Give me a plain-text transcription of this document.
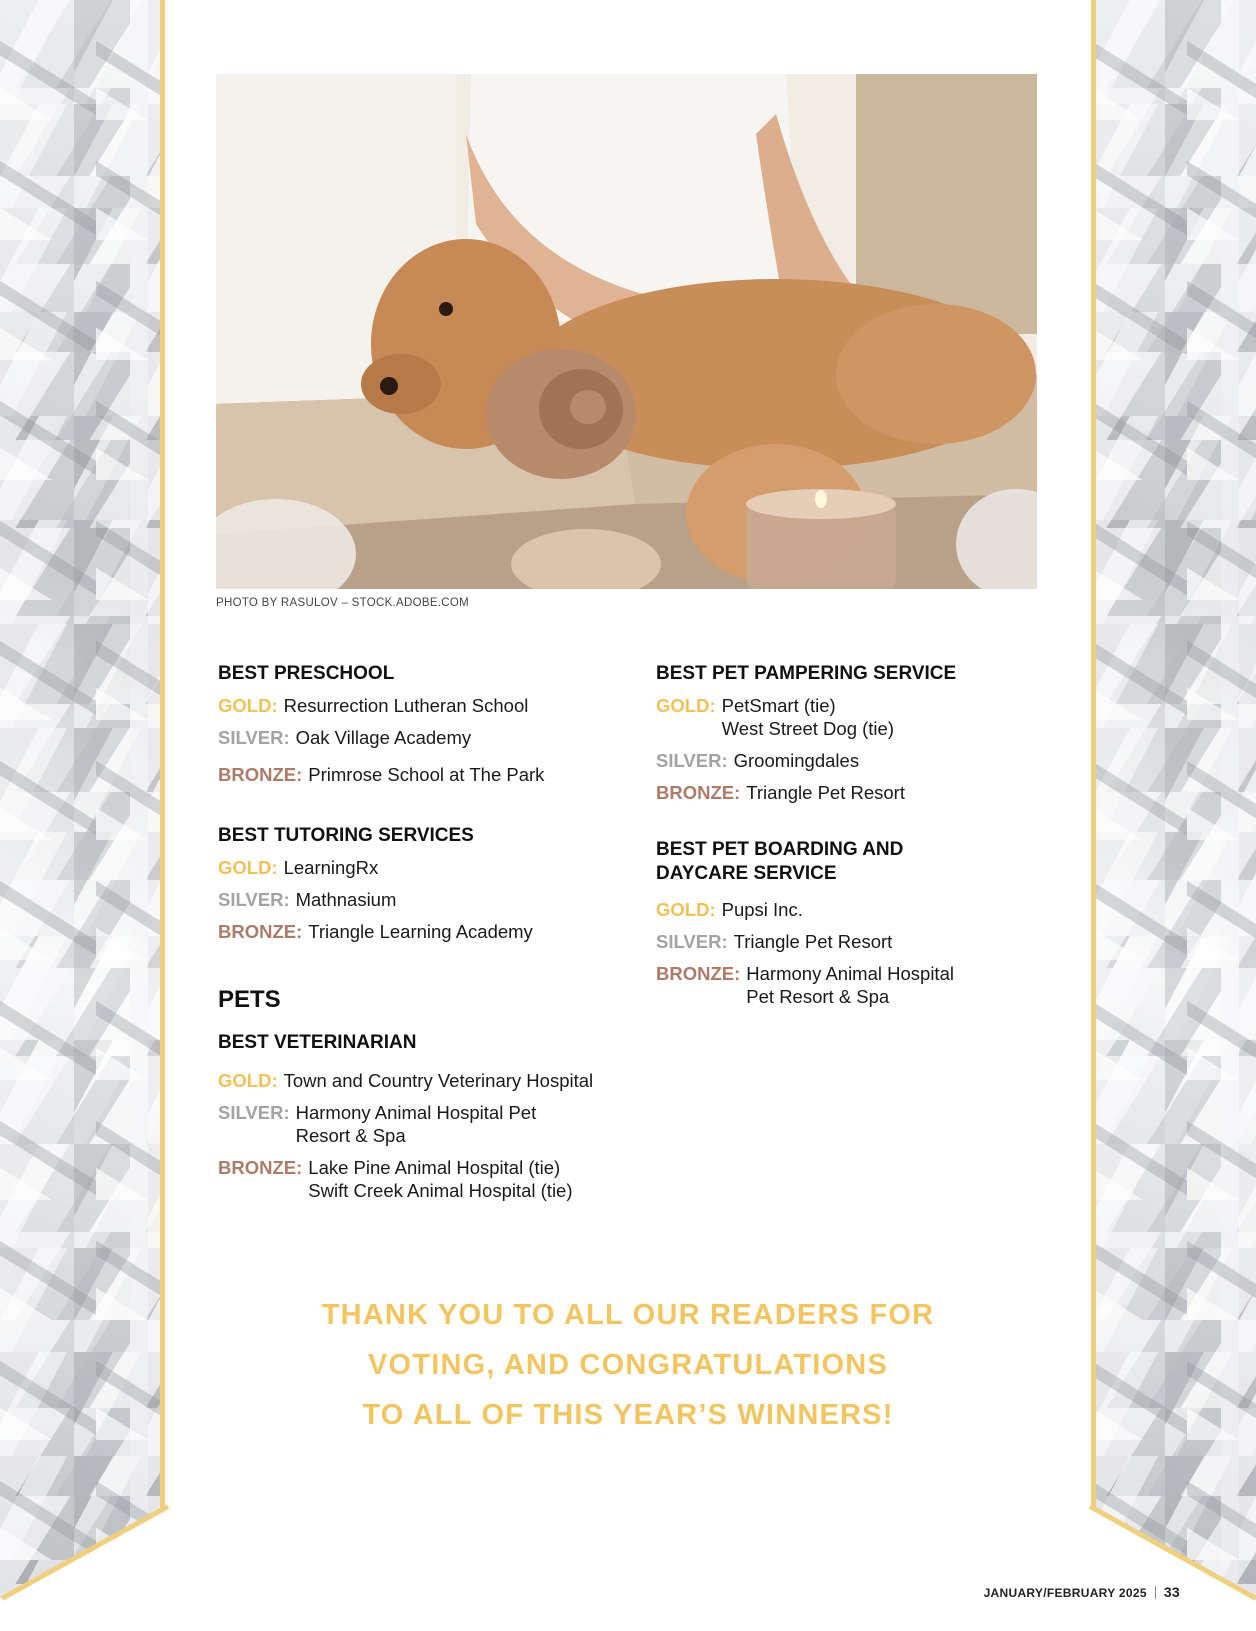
PHOTO BY RASULOV – STOCK.ADOBE.COM
BEST PRESCHOOL
GOLD: Resurrection Lutheran School
SILVER: Oak Village Academy
BRONZE: Primrose School at The Park
BEST TUTORING SERVICES
GOLD: LearningRx
SILVER: Mathnasium
BRONZE: Triangle Learning Academy
PETS
BEST VETERINARIAN
GOLD: Town and Country Veterinary Hospital
SILVER: Harmony Animal Hospital Pet
Resort & Spa
BRONZE: Lake Pine Animal Hospital (tie)
Swift Creek Animal Hospital (tie)
BEST PET PAMPERING SERVICE
GOLD: PetSmart (tie)
West Street Dog (tie)
SILVER: Groomingdales
BRONZE: Triangle Pet Resort
BEST PET BOARDING AND
DAYCARE SERVICE
GOLD: Pupsi Inc.
SILVER: Triangle Pet Resort
BRONZE: Harmony Animal Hospital
Pet Resort & Spa
THANK YOU TO ALL OUR READERS FOR
VOTING, AND CONGRATULATIONS
TO ALL OF THIS YEAR’S WINNERS!
JANUARY/FEBRUARY 2025 33
